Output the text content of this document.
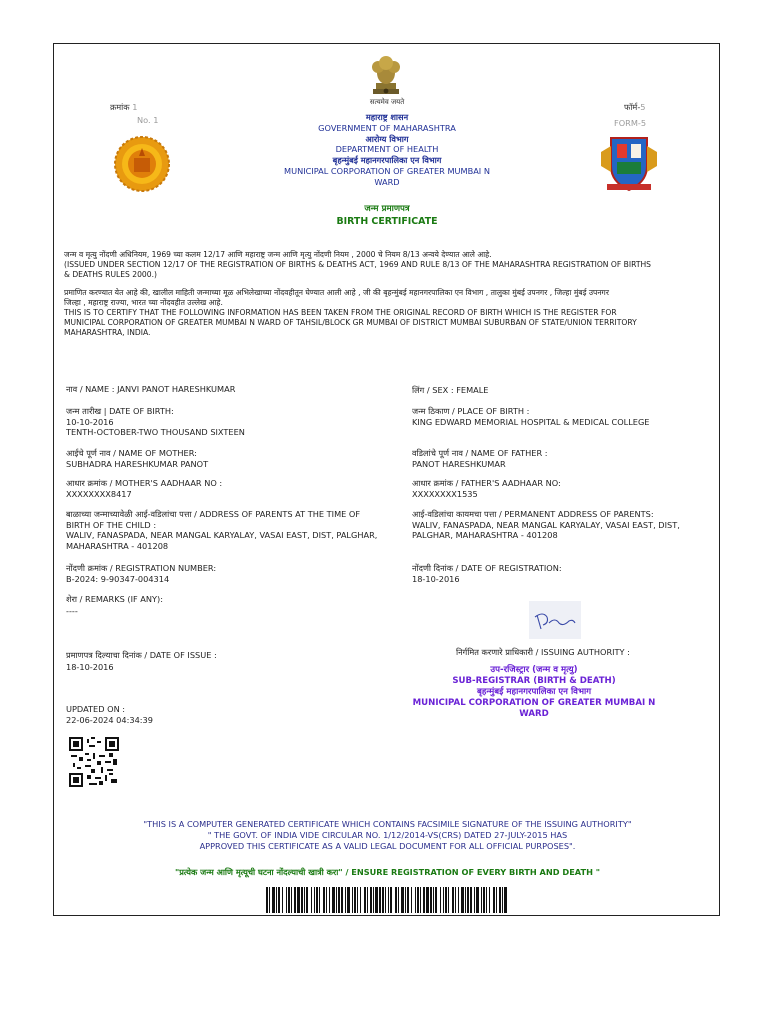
सत्यमेव जयते
क्रमांक 1
No. 1
फॉर्म-5
FORM-5
महाराष्ट्र शासन
GOVERNMENT OF MAHARASHTRA
आरोग्य विभाग
DEPARTMENT OF HEALTH
बृहन्मुंबई महानगरपालिका एन विभाग
MUNICIPAL CORPORATION OF GREATER MUMBAI N
WARD
जन्म प्रमाणपत्र
BIRTH CERTIFICATE
जन्म व मृत्यु नोंदणी अधिनियम, 1969 च्या कलम 12/17 आणि महाराष्ट्र जन्म आणि मृत्यु नोंदणी नियम , 2000 चे नियम 8/13 अन्वये देण्यात आले आहे.
(ISSUED UNDER SECTION 12/17 OF THE REGISTRATION OF BIRTHS & DEATHS ACT, 1969 AND RULE 8/13 OF THE MAHARASHTRA REGISTRATION OF BIRTHS
& DEATHS RULES 2000.)
प्रमाणित करण्यात येत आहे की, खालील माहिती जन्माच्या मूळ अभिलेखाच्या नोंदवहीतून घेण्यात आली आहे , जी की बृहन्मुंबई महानगरपालिका एन विभाग , तालुका मुंबई उपनगर , जिल्हा मुंबई उपनगर
जिल्हा , महाराष्ट्र राज्या, भारत च्या नोंदवहीत उल्लेख आहे.
THIS IS TO CERTIFY THAT THE FOLLOWING INFORMATION HAS BEEN TAKEN FROM THE ORIGINAL RECORD OF BIRTH WHICH IS THE REGISTER FOR
MUNICIPAL CORPORATION OF GREATER MUMBAI N WARD OF TAHSIL/BLOCK GR MUMBAI OF DISTRICT MUMBAI SUBURBAN OF STATE/UNION TERRITORY
MAHARASHTRA, INDIA.
नाव / NAME : JANVI PANOT HARESHKUMAR	लिंग / SEX : FEMALE
जन्म तारीख | DATE OF BIRTH:
10-10-2016
TENTH-OCTOBER-TWO THOUSAND SIXTEEN
जन्म ठिकाण / PLACE OF BIRTH :
KING EDWARD MEMORIAL HOSPITAL & MEDICAL COLLEGE
आईचे पूर्ण नाव / NAME OF MOTHER:
SUBHADRA HARESHKUMAR PANOT
वडिलांचे पूर्ण नाव / NAME OF FATHER :
PANOT HARESHKUMAR
आधार क्रमांक / MOTHER'S AADHAAR NO :
XXXXXXXX8417
आधार क्रमांक / FATHER'S AADHAAR NO:
XXXXXXXX1535
बाळाच्या जन्माच्यावेळी आई-वडिलांचा पत्ता / ADDRESS OF PARENTS AT THE TIME OF
BIRTH OF THE CHILD :
WALIV, FANASPADA, NEAR MANGAL KARYALAY, VASAI EAST, DIST, PALGHAR,
MAHARASHTRA - 401208
आई-वडिलांचा कायमचा पत्ता / PERMANENT ADDRESS OF PARENTS:
WALIV, FANASPADA, NEAR MANGAL KARYALAY, VASAI EAST, DIST,
PALGHAR, MAHARASHTRA - 401208
नोंदणी क्रमांक / REGISTRATION NUMBER:
B-2024: 9-90347-004314
नोंदणी दिनांक / DATE OF REGISTRATION:
18-10-2016
शेरा / REMARKS (IF ANY):
----
निर्गमित करणारे प्राधिकारी / ISSUING AUTHORITY :
प्रमाणपत्र दिल्याचा दिनांक / DATE OF ISSUE :
18-10-2016	उप-रजिस्ट्रार (जन्म व मृत्यु)
SUB-REGISTRAR (BIRTH & DEATH)
बृहन्मुंबई महानगरपालिका एन विभाग
MUNICIPAL CORPORATION OF GREATER MUMBAI N
WARD
UPDATED ON :
22-06-2024 04:34:39
"THIS IS A COMPUTER GENERATED CERTIFICATE WHICH CONTAINS FACSIMILE SIGNATURE OF THE ISSUING AUTHORITY"
" THE GOVT. OF INDIA VIDE CIRCULAR NO. 1/12/2014-VS(CRS) DATED 27-JULY-2015 HAS
APPROVED THIS CERTIFICATE AS A VALID LEGAL DOCUMENT FOR ALL OFFICIAL PURPOSES".
"प्रत्येक जन्म आणि मृत्यूची घटना नोंदल्याची खात्री करा" / ENSURE REGISTRATION OF EVERY BIRTH AND DEATH "
